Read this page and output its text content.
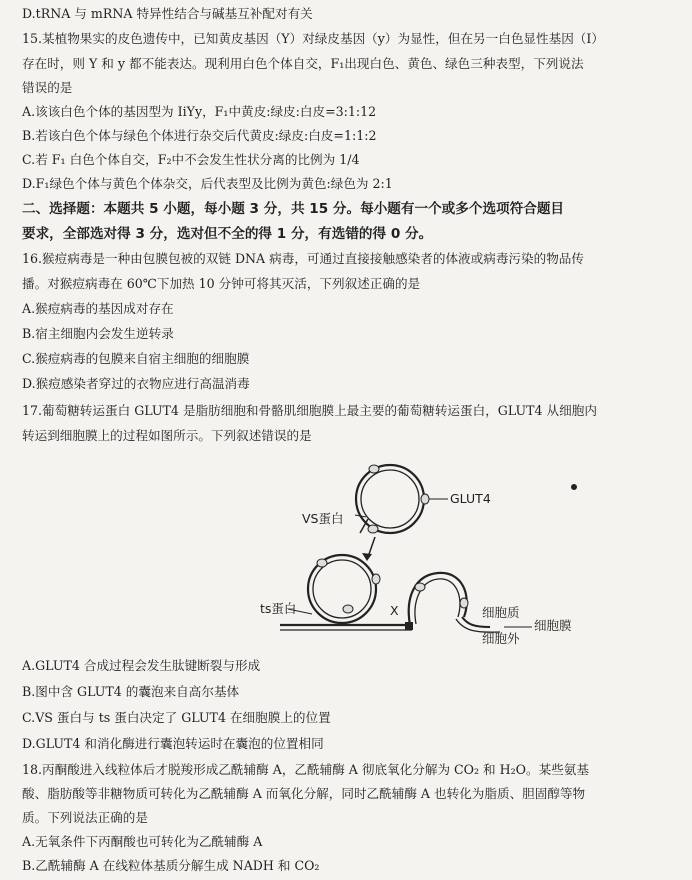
D.tRNA 与 mRNA 特异性结合与碱基互补配对有关
15.某植物果实的皮色遗传中，已知黄皮基因（Y）对绿皮基因（y）为显性，但在另一白色显性基因（I）
存在时，则 Y 和 y 都不能表达。现利用白色个体自交，F₁出现白色、黄色、绿色三种表型，下列说法
错误的是
A.该该白色个体的基因型为 IiYy，F₁中黄皮:绿皮:白皮=3:1:12
B.若该白色个体与绿色个体进行杂交后代黄皮:绿皮:白皮=1:1:2
C.若 F₁ 白色个体自交，F₂中不会发生性状分离的比例为 1/4
D.F₁绿色个体与黄色个体杂交，后代表型及比例为黄色:绿色为 2:1
二、选择题：本题共 5 小题，每小题 3 分，共 15 分。每小题有一个或多个选项符合题目
要求，全部选对得 3 分，选对但不全的得 1 分，有选错的得 0 分。
16.猴痘病毒是一种由包膜包被的双链 DNA 病毒，可通过直接接触感染者的体液或病毒污染的物品传
播。对猴痘病毒在 60℃下加热 10 分钟可将其灭活，下列叙述正确的是
A.猴痘病毒的基因成对存在
B.宿主细胞内会发生逆转录
C.猴痘病毒的包膜来自宿主细胞的细胞膜
D.猴痘感染者穿过的衣物应进行高温消毒
17.葡萄糖转运蛋白 GLUT4 是脂肪细胞和骨骼肌细胞膜上最主要的葡萄糖转运蛋白，GLUT4 从细胞内
转运到细胞膜上的过程如图所示。下列叙述错误的是
GLUT4
VS蛋白
ts蛋白	X	细胞质
细胞膜
细胞外
A.GLUT4 合成过程会发生肽键断裂与形成
B.图中含 GLUT4 的囊泡来自高尔基体
C.VS 蛋白与 ts 蛋白决定了 GLUT4 在细胞膜上的位置
D.GLUT4 和消化酶进行囊泡转运时在囊泡的位置相同
18.丙酮酸进入线粒体后才脱羧形成乙酰辅酶 A，乙酰辅酶 A 彻底氧化分解为 CO₂ 和 H₂O。某些氨基
酸、脂肪酸等非糖物质可转化为乙酰辅酶 A 而氧化分解，同时乙酰辅酶 A 也转化为脂质、胆固醇等物
质。下列说法正确的是
A.无氧条件下丙酮酸也可转化为乙酰辅酶 A
B.乙酰辅酶 A 在线粒体基质分解生成 NADH 和 CO₂
